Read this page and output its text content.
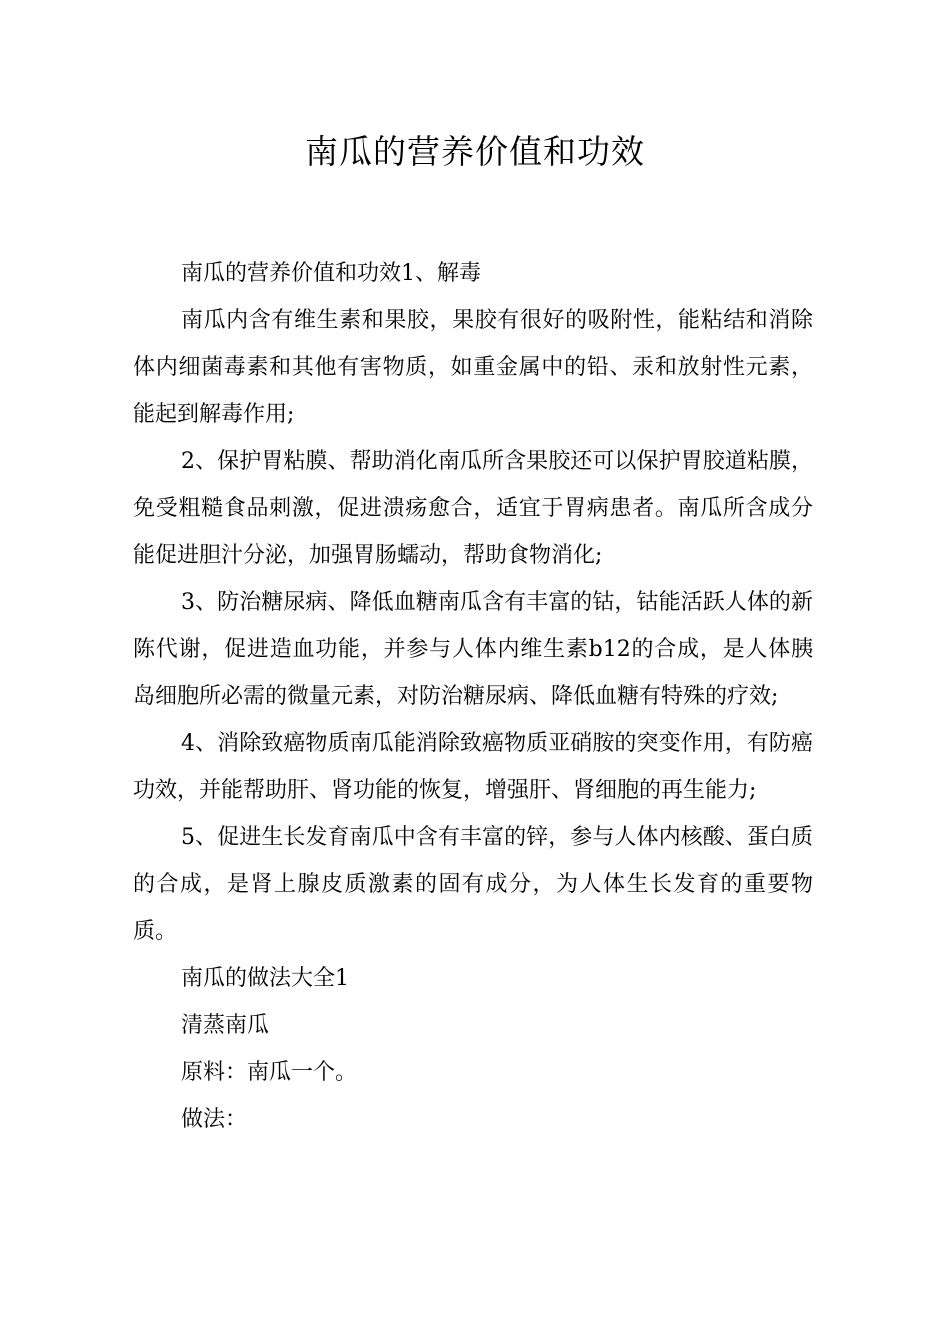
南瓜的营养价值和功效

南瓜的营养价值和功效1、解毒

南瓜内含有维生素和果胶，果胶有很好的吸附性，能粘结和消除体内细菌毒素和其他有害物质，如重金属中的铅、汞和放射性元素，能起到解毒作用;

2、保护胃粘膜、帮助消化南瓜所含果胶还可以保护胃胶道粘膜，免受粗糙食品刺激，促进溃疡愈合，适宜于胃病患者。南瓜所含成分能促进胆汁分泌，加强胃肠蠕动，帮助食物消化;

3、防治糖尿病、降低血糖南瓜含有丰富的钴，钴能活跃人体的新陈代谢，促进造血功能，并参与人体内维生素b12的合成，是人体胰岛细胞所必需的微量元素，对防治糖尿病、降低血糖有特殊的疗效;

4、消除致癌物质南瓜能消除致癌物质亚硝胺的突变作用，有防癌功效，并能帮助肝、肾功能的恢复，增强肝、肾细胞的再生能力;

5、促进生长发育南瓜中含有丰富的锌，参与人体内核酸、蛋白质的合成，是肾上腺皮质激素的固有成分，为人体生长发育的重要物质。

南瓜的做法大全1

清蒸南瓜

原料：南瓜一个。

做法：
